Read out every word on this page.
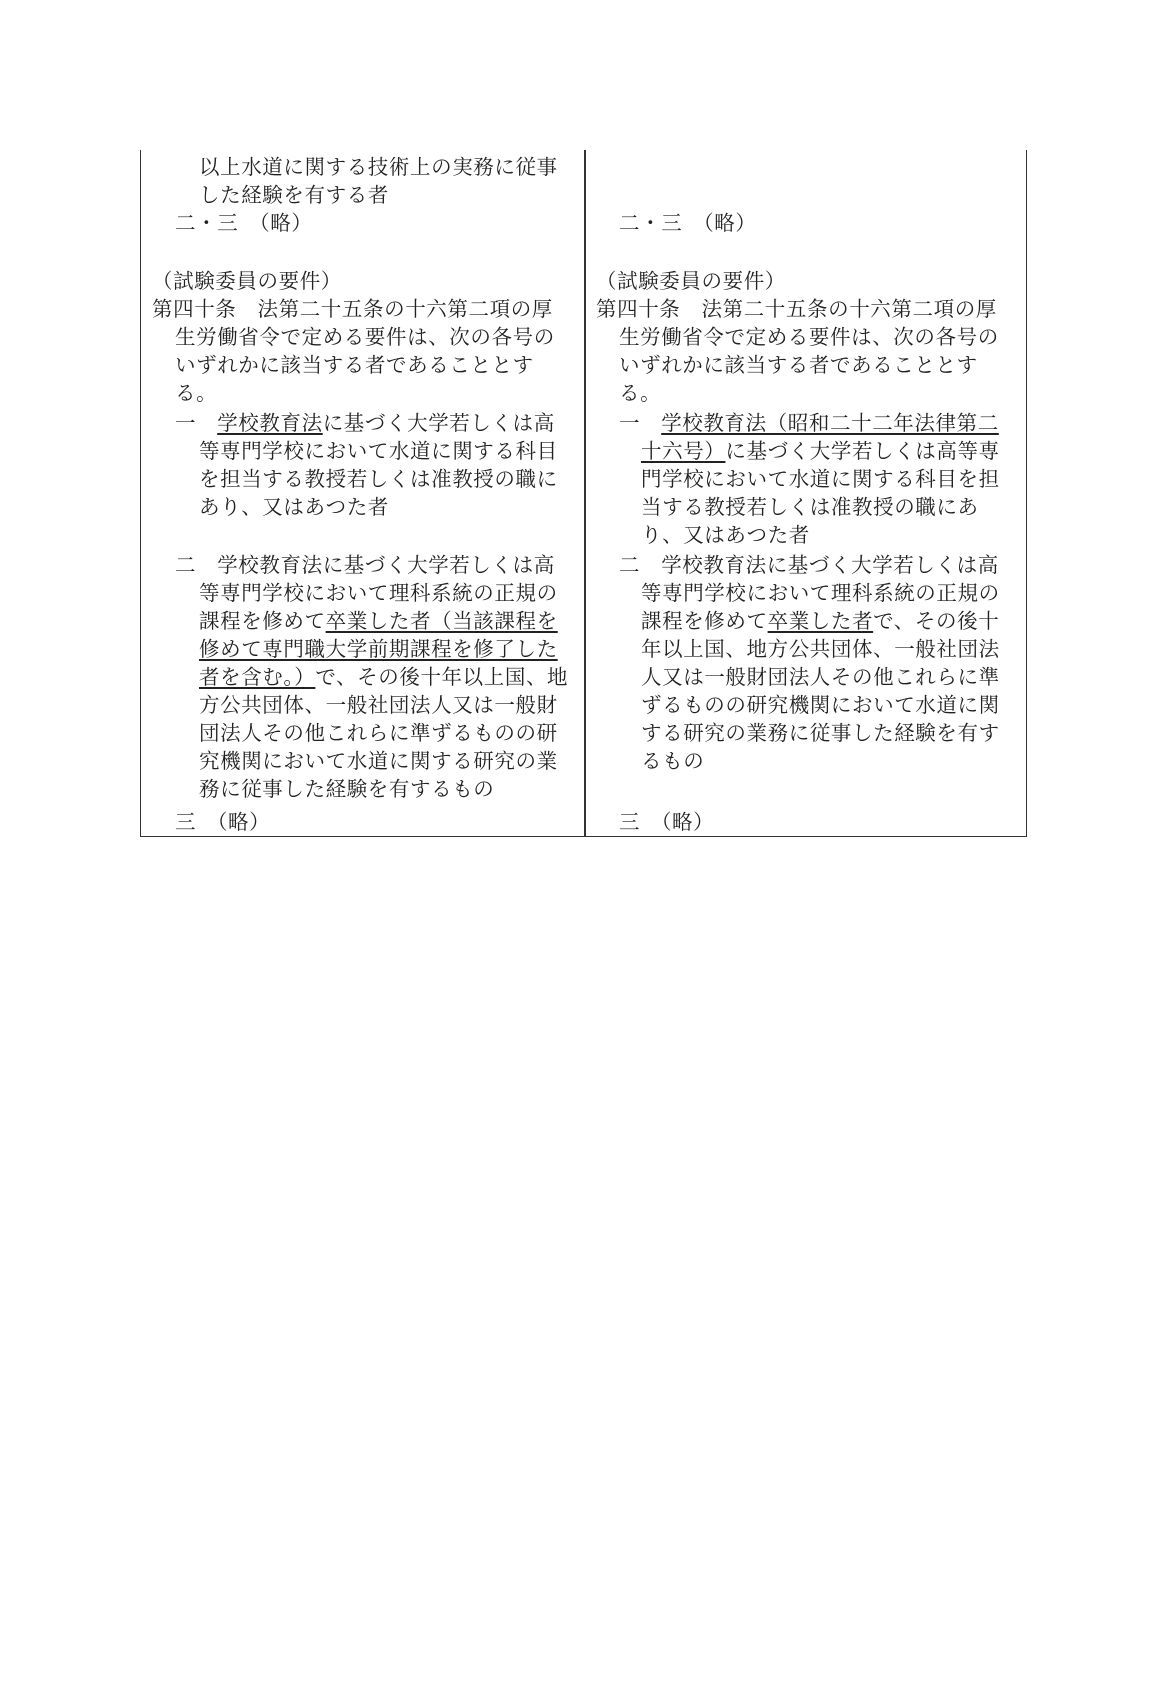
以上水道に関する技術上の実務に従事
した経験を有する者
二・三　（略）
（試験委員の要件）
第四十条　法第二十五条の十六第二項の厚
生労働省令で定める要件は、次の各号の
いずれかに該当する者であることとす
る。
一　学校教育法に基づく大学若しくは高
等専門学校において水道に関する科目
を担当する教授若しくは准教授の職に
あり、又はあつた者
二　学校教育法に基づく大学若しくは高
等専門学校において理科系統の正規の
課程を修めて卒業した者（当該課程を
修めて専門職大学前期課程を修了した
者を含む。）で、その後十年以上国、地
方公共団体、一般社団法人又は一般財
団法人その他これらに準ずるものの研
究機関において水道に関する研究の業
務に従事した経験を有するもの
三　（略）
二・三　（略）
（試験委員の要件）
第四十条　法第二十五条の十六第二項の厚
生労働省令で定める要件は、次の各号の
いずれかに該当する者であることとす
る。
一　学校教育法（昭和二十二年法律第二
十六号）に基づく大学若しくは高等専
門学校において水道に関する科目を担
当する教授若しくは准教授の職にあ
り、又はあつた者
二　学校教育法に基づく大学若しくは高
等専門学校において理科系統の正規の
課程を修めて卒業した者で、その後十
年以上国、地方公共団体、一般社団法
人又は一般財団法人その他これらに準
ずるものの研究機関において水道に関
する研究の業務に従事した経験を有す
るもの
三　（略）
